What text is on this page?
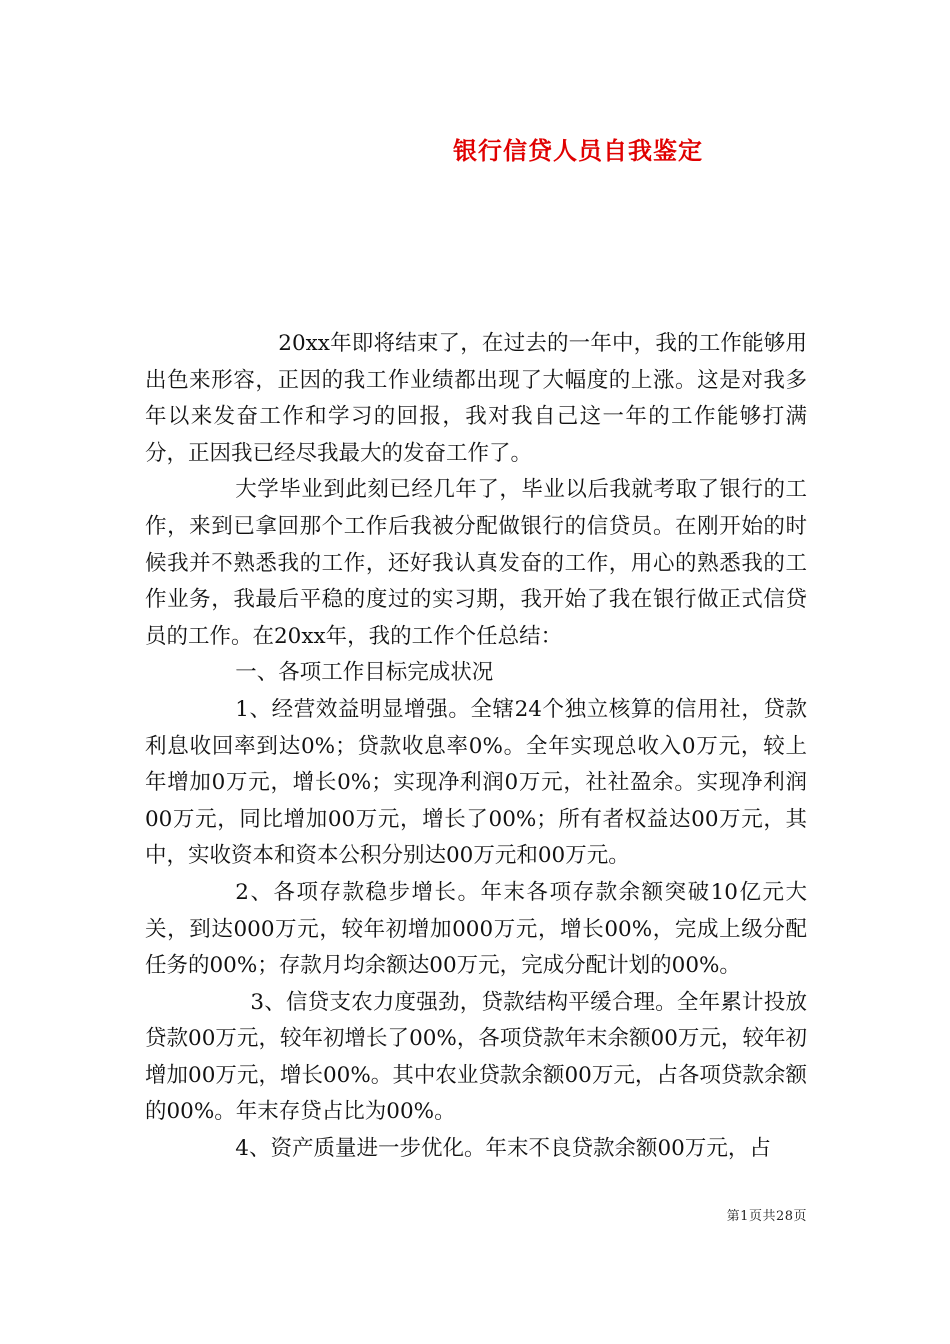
银行信贷人员自我鉴定

20xx年即将结束了，在过去的一年中，我的工作能够用出色来形容，正因的我工作业绩都出现了大幅度的上涨。这是对我多年以来发奋工作和学习的回报，我对我自己这一年的工作能够打满分，正因我已经尽我最大的发奋工作了。

大学毕业到此刻已经几年了，毕业以后我就考取了银行的工作，来到已拿回那个工作后我被分配做银行的信贷员。在刚开始的时候我并不熟悉我的工作，还好我认真发奋的工作，用心的熟悉我的工作业务，我最后平稳的度过的实习期，我开始了我在银行做正式信贷员的工作。在20xx年，我的工作个任总结：

一、各项工作目标完成状况

1、经营效益明显增强。全辖24个独立核算的信用社，贷款利息收回率到达0%；贷款收息率0%。全年实现总收入0万元，较上年增加0万元，增长0%；实现净利润0万元，社社盈余。实现净利润00万元，同比增加00万元，增长了00%；所有者权益达00万元，其中，实收资本和资本公积分别达00万元和00万元。

2、各项存款稳步增长。年末各项存款余额突破10亿元大关，到达000万元，较年初增加000万元，增长00%，完成上级分配任务的00%；存款月均余额达00万元，完成分配计划的00%。

3、信贷支农力度强劲，贷款结构平缓合理。全年累计投放贷款00万元，较年初增长了00%，各项贷款年末余额00万元，较年初增加00万元，增长00%。其中农业贷款余额00万元，占各项贷款余额的00%。年末存贷占比为00%。

4、资产质量进一步优化。年末不良贷款余额00万元，占

第1页共28页
